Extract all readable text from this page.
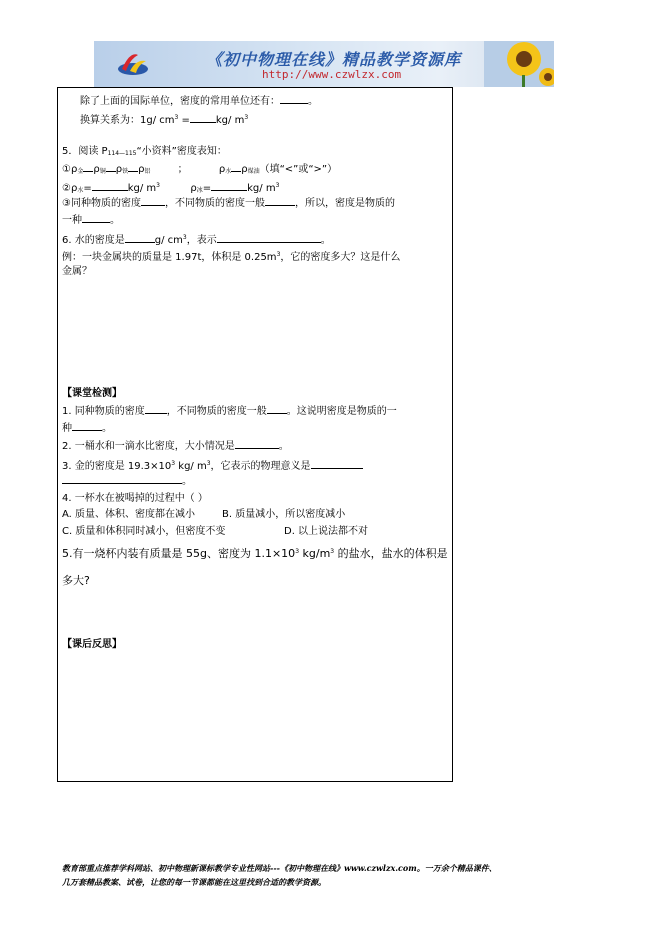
《初中物理在线》精品教学资源库
http://www.czwlzx.com
除了上面的国际单位，密度的常用单位还有：	。
换算关系为：1g/ $cm^3$ =	kg/ $m^3$
5．阅读 $P_{114—115}“$小资料”密度表知：
$①\rho_金$ $\rho_铜$ $\rho_铁$ $\rho_铝$	；	$\rho_水$ $\rho_{煤油}$（填“<”或“>”）
$②\rho_水=$	kg/ $m^3$	$\rho_冰=$	kg/ $m^3$
③同种物质的密度 ，不同物质的密度一般	，所以，密度是物质的
一种	。
6. 水的密度是	g/ $cm^3$，表示	。
例：一块金属块的质量是 1.97t，体积是 $0.25m^3$，它的密度多大？这是什么
金属？
【课堂检测】
1. 同种物质的密度 ，不同物质的密度一般 。这说明密度是物质的一
种	。
2. 一桶水和一滴水比密度，大小情况是	。
3. 金的密度是 $19.3\times 10^3$ kg/ $m^3$，它表示的物理意义是
。
4. 一杯水在被喝掉的过程中（ ）
A. 质量、体积、密度都在减小	B. 质量减小，所以密度减小
C. 质量和体积同时减小，但密度不变	D. 以上说法都不对
5.有一烧杯内装有质量是 55g、密度为 $1.1\times 10^3$ $kg/m^3$ 的盐水，盐水的体积是
多大?
【课后反思】
教育部重点推荐学科网站、初中物理新课标教学专业性网站---《初中物理在线》www.czwlzx.com。一万余个精品课件、
几万套精品教案、试卷，让您的每一节课都能在这里找到合适的教学资源。
